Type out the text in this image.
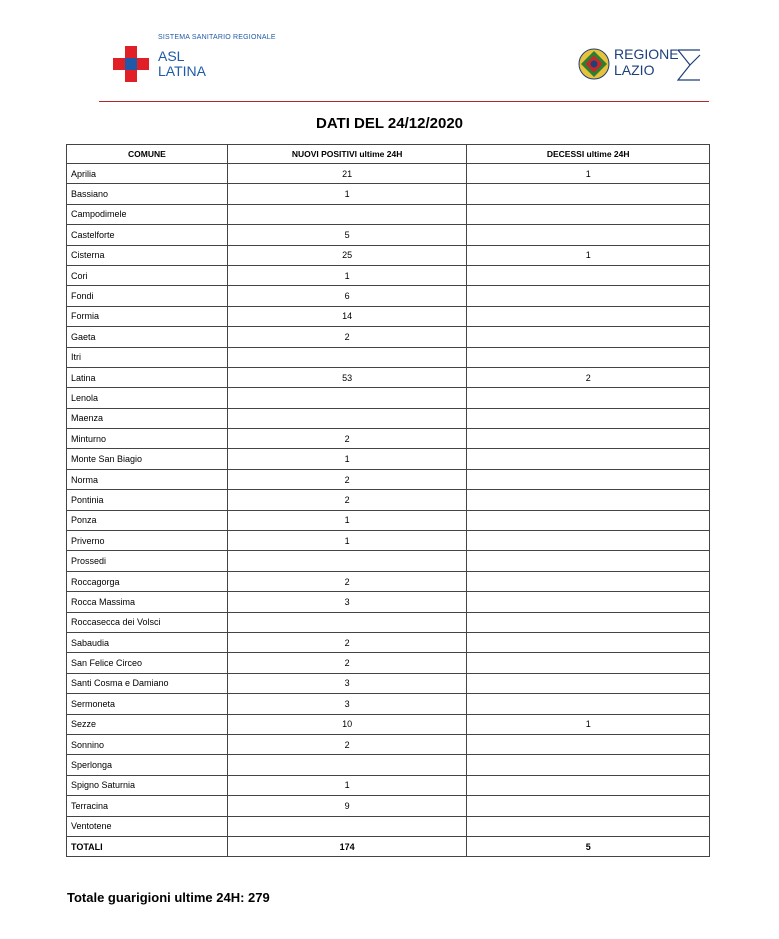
SISTEMA SANITARIO REGIONALE
ASL
LATINA
REGIONE
LAZIO
DATI DEL 24/12/2020
COMUNE	NUOVI POSITIVI ultime 24H	DECESSI ultime 24H
Aprilia	21	1
Bassiano	1	
Campodimele		
Castelforte	5	
Cisterna	25	1
Cori	1	
Fondi	6	
Formia	14	
Gaeta	2	
Itri		
Latina	53	2
Lenola		
Maenza		
Minturno	2	
Monte San Biagio	1	
Norma	2	
Pontinia	2	
Ponza	1	
Priverno	1	
Prossedi		
Roccagorga	2	
Rocca Massima	3	
Roccasecca dei Volsci		
Sabaudia	2	
San Felice Circeo	2	
Santi Cosma e Damiano	3	
Sermoneta	3	
Sezze	10	1
Sonnino	2	
Sperlonga		
Spigno Saturnia	1	
Terracina	9	
Ventotene		
TOTALI	174	5
Totale guarigioni ultime 24H: 279
